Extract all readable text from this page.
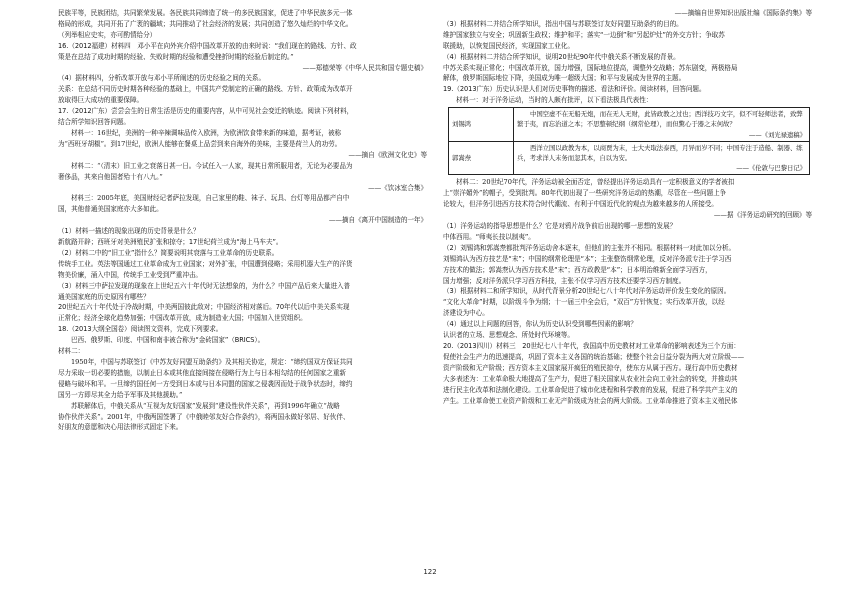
民族平等，民族团结，共同繁荣发展。各民族共同缔造了统一的多民族国家，促进了中华民族多元一体

格局的形成，共同开拓了广袤的疆域；共同推动了社会经济的发展；共同创造了悠久灿烂的中华文化。

（列举相应史实，亦可酌情给分）

16.（2012福建）材料四　邓小平在向外宾介绍中国改革开放的由来时说：“我们现在的路线、方针、政

策是在总结了成功时期的经验、失败时期的经验和遭受挫折时期的经验后制定的。”

——郑德荣等《中华人民共和国专题史稿》

（4）据材料四，分析改革开放与邓小平所阐述的历史经验之间的关系。

关系：在总结不同历史时期各种经验的基础上，中国共产党制定的正确的路线、方针、政策成为改革开

放取得巨大成功的重要保障。

17.（2012广东）尝尝会生的日常生活是历史的重要内容，从中可见社会变迁的轨迹。阅读下列材料，

结合所学知识回答问题。

材料一：16世纪，美洲的一种辛辣调味品传入欧洲，为欧洲饮食带来新的味道，据考证，被称

为“西班牙胡椒”。到17世纪，欧洲人能够在餐桌上品尝到来自海外的美味，主要是荷兰人的功劳。

——摘自《欧洲文化史》等

材料二：“（清末）旧工业之衰落日甚一日。今试任入一人家，现其日常所服用者，无论为必要品为

奢侈品，其来自他国者殆十有八九。”

——《饮冰室合集》

材料三：2005年底，美国财经记者萨拉发现，自己家里的鞋、袜子、玩具、台灯等用品都产自中

国，其他普通美国家庭亦大多如此。

——摘自《离开中国制造的一年》

（1）材料一描述的现象出现的历史背景是什么？

新航路开辟；西班牙对美洲殖民扩张和掠夺；17世纪荷兰成为“海上马车夫”。

（2）材料二中的“旧工业”指什么？简要说明其衰落与工业革命的历史联系。

传统手工业。英法等国通过工业革命成为工业国家；对外扩张，中国遭到侵略；采用机器大生产的洋货

物美价廉，涌入中国，传统手工业受到严重冲击。

（3）材料三中萨拉发现的现象在上世纪五六十年代时无法想象的，为什么？中国产品后来大量进入普

通美国家庭的历史原因有哪些？

20世纪五六十年代处于冷战时期，中美两国彼此敌对；中国经济相对落后。70年代以后中美关系实现

正常化；经济全球化趋势加强；中国改革开放，成为制造业大国；中国加入世贸组织。

18.（2013大纲全国卷）阅读图文资料，完成下列要求。

巴西、俄罗斯、印度、中国和南非被合称为“金砖国家”（BRICS）。

材料二：

1950年，中国与苏联签订《中苏友好同盟互助条约》及其相关协定，规定：“缔约国双方保证共同

尽力采取一切必要的措施，以制止日本或其他直接间接在侵略行为上与日本相勾结的任何国家之重新

侵略与破坏和平。一旦缔约国任何一方受到日本或与日本同盟的国家之侵袭因而处于战争状态时，缔约

国另一方即尽其全力给予军事及其他援助。”

苏联解体后，中俄关系从“互视为友好国家”发展到“建设性伙伴关系”，再到1996年确立“战略

协作伙伴关系”。2001年，中俄两国签署了《中俄睦邻友好合作条约》，将两国永做好邻居、好伙伴、

好朋友的意愿和决心用法律形式固定下来。

——摘编自世界知识出版社编《国际条约集》等

（3）根据材料二并结合所学知识，指出中国与苏联签订友好同盟互助条约的目的。

维护国家独立与安全；巩固新生政权；维护和平；落实“一边倒”和“另起炉灶”的外交方针；争取苏

联援助，以恢复国民经济，实现国家工业化。

（4）根据材料二并结合所学知识，说明20世纪90年代中俄关系不断发展的背景。

中苏关系实现正常化；中国改革开放，国力增强，国际地位提高，调整外交战略；苏东剧变，两极格局

解体，俄罗斯国际地位下降，美国成为唯一超级大国；和平与发展成为世界的主题。

19.（2013广东）历史认识是人们对历史事物的描述、看法和评价。阅读材料，回答问题。

材料一：对于洋务运动，当时的人颇有批评，以下看法极具代表性：

刘锡鸿	中国空虚不在无船无炮，而在无人无财，此皆政教之过也；西洋技巧文字，似不可轻师法者，致弊繁于夷，而忘治道之本；不思整顿纪纲（纲常伦理），而但驚心于器之末何故？
——《刘光禄遗稿》

郭嵩焘	西洋立国以政教为本，以商贾为末，士大夫取法泰西，月异而岁不同；中国专注于造船、制器、练兵，考求洋人末务而忽其本，自以为安。
——《伦敦与巴黎日记》

材料二：20世纪70年代，洋务运动被全面否定，曾经提出洋务运动具有一定积极意义的学者被扣

上“崇洋媚外”的帽子，受到批判。80年代初出现了一些研究洋务运动的热潮，尽管在一些问题上争

论较大，但洋务引进西方技术符合时代潮流、有利于中国近代化的观点为越来越多的人所接受。

——据《洋务运动研究的回顾》等

（1）洋务运动的指导思想是什么？它是对鸦片战争前后出现的哪一思想的发展？

中体西用。“师夷长技以制夷”。

（2）刘锡鸿和郭嵩焘都批判洋务运动舍本逐末，但他们的主张并不相同。根据材料一对此加以分析。

刘锡鸿认为西方技艺是“末”；中国的纲常伦理是“本”；主张整饬纲常伦理，反对洋务派专注于学习西

方技术的做法；郭嵩焘认为西方技术是“末”；西方政教是“本”；日本明治维新全面学习西方，

国力增强；反对洋务派只学习西方科技，主张不仅学习西方技术还要学习西方制度。

（3）根据材料二和所学知识，从时代背景分析20世纪七八十年代对洋务运动评价发生变化的原因。

“文化大革命”时期，以阶级斗争为纲；十一届三中全会后，“双百”方针恢复；实行改革开放，以经

济建设为中心。

（4）通过以上问题的回答，你认为历史认识受到哪些因素的影响？

认识者的立场、思想观念、所处时代环境等。

20.（2013四川）材料三　20世纪七八十年代，我国高中历史教材对工业革命的影响表述为三个方面：

促使社会生产力的迅速提高，巩固了资本主义各国的统治基础；使整个社会日益分裂为两大对立阶级——

资产阶级和无产阶级；西方资本主义国家展开疯狂的殖民掠夺，使东方从属于西方。现行高中历史教材

大多表述为：工业革命极大地提高了生产力，促进了相关国家从农业社会向工业社会的转变，并推动其

进行民主化改革和法制化建设。工业革命促进了城市化进程和科学教育的发展，促进了科学共产主义的

产生。工业革命使工业资产阶级和工业无产阶级成为社会的两大阶级。工业革命推进了资本主义殖民体

122
